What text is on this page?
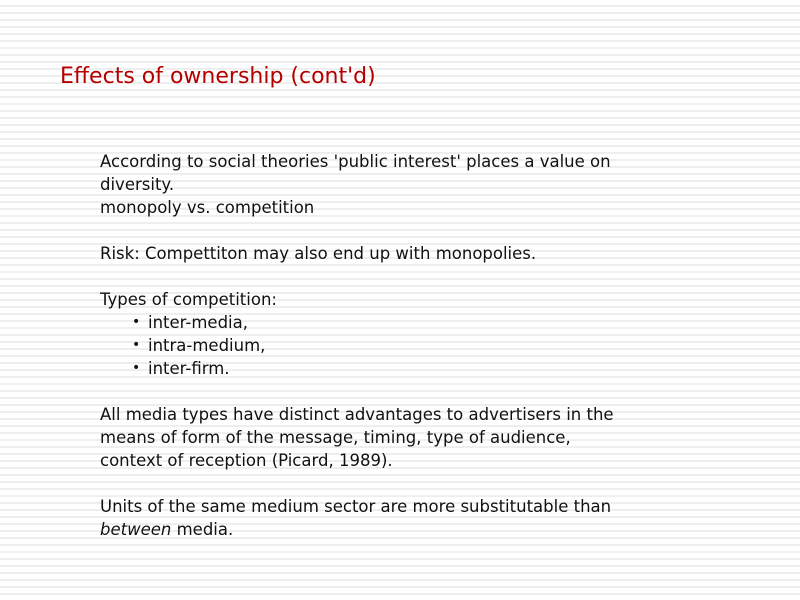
Effects of ownership (cont'd)

According to social theories 'public interest' places a value on
diversity.
monopoly vs. competition

Risk: Compettiton may also end up with monopolies.

Types of competition:
• inter-media,
• intra-medium,
• inter-firm.

All media types have distinct advantages to advertisers in the
means of form of the message, timing, type of audience,
context of reception (Picard, 1989).

Units of the same medium sector are more substitutable than
between media.
